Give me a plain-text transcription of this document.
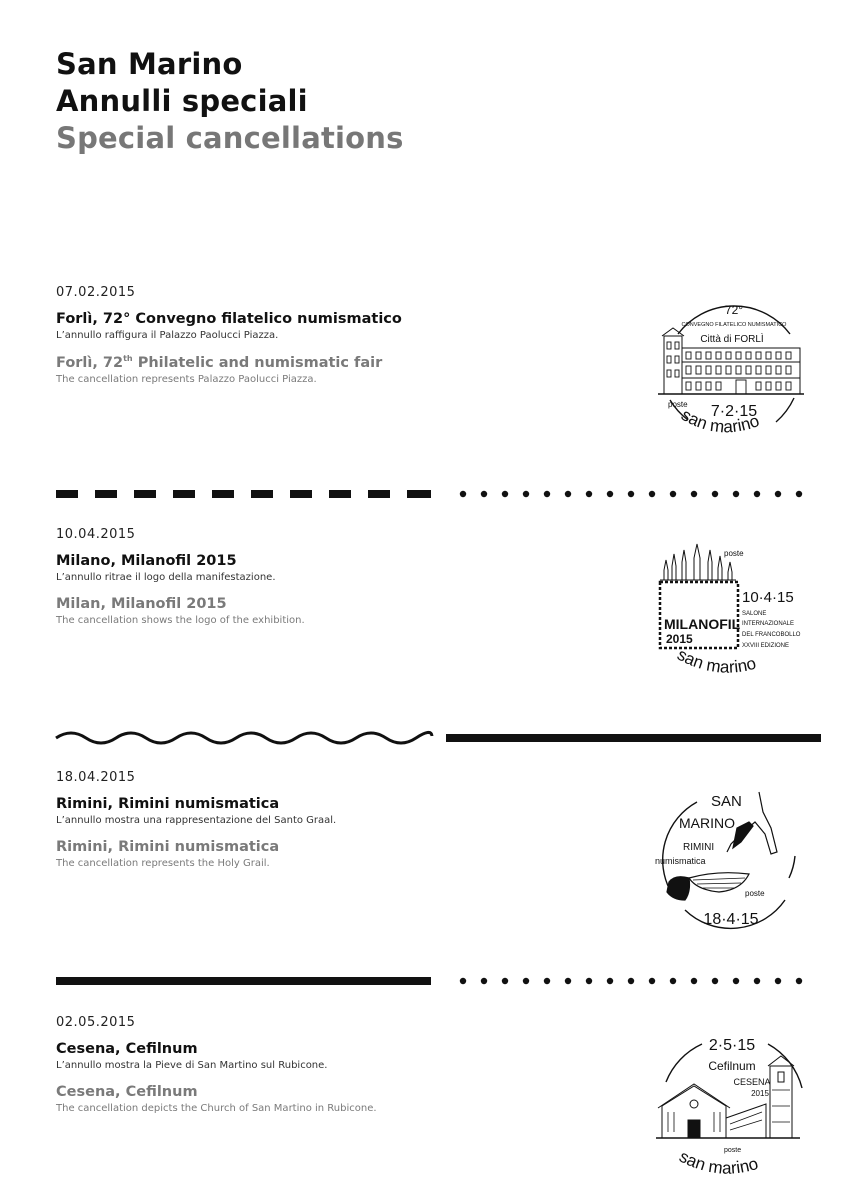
San Marino
Annulli speciali
Special cancellations
07.02.2015
Forlì, 72° Convegno filatelico numismatico
L’annullo raffigura il Palazzo Paolucci Piazza.
Forlì, 72th Philatelic and numismatic fair
The cancellation represents Palazzo Paolucci Piazza.
72°
CONVEGNO FILATELICO NUMISMATICO
Città di FORLÌ
poste 7·2·15
san marino
10.04.2015
Milano, Milanofil 2015
L’annullo ritrae il logo della manifestazione.
Milan, Milanofil 2015
The cancellation shows the logo of the exhibition.
poste
MILANOFIL
2015
10·4·15
SALONE
INTERNAZIONALE
DEL FRANCOBOLLO
XXVIII EDIZIONE
san marino
18.04.2015
Rimini, Rimini numismatica
L’annullo mostra una rappresentazione del Santo Graal.
Rimini, Rimini numismatica
The cancellation represents the Holy Grail.
SAN
MARINO
RIMINI
numismatica
poste
18·4·15
02.05.2015
Cesena, Cefilnum
L’annullo mostra la Pieve di San Martino sul Rubicone.
Cesena, Cefilnum
The cancellation depicts the Church of San Martino in Rubicone.
2·5·15
Cefilnum
CESENA
2015
poste
san marino
